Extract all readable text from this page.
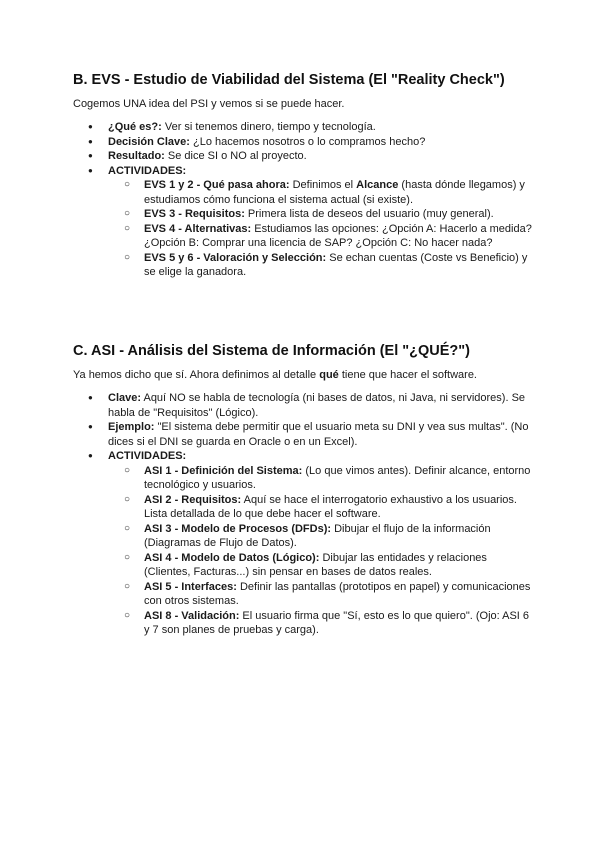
B. EVS - Estudio de Viabilidad del Sistema (El "Reality Check")

Cogemos UNA idea del PSI y vemos si se puede hacer.

● ¿Qué es?: Ver si tenemos dinero, tiempo y tecnología.
● Decisión Clave: ¿Lo hacemos nosotros o lo compramos hecho?
● Resultado: Se dice SI o NO al proyecto.
● ACTIVIDADES:
○ EVS 1 y 2 - Qué pasa ahora: Definimos el Alcance (hasta dónde llegamos) y estudiamos cómo funciona el sistema actual (si existe).
○ EVS 3 - Requisitos: Primera lista de deseos del usuario (muy general).
○ EVS 4 - Alternativas: Estudiamos las opciones: ¿Opción A: Hacerlo a medida? ¿Opción B: Comprar una licencia de SAP? ¿Opción C: No hacer nada?
○ EVS 5 y 6 - Valoración y Selección: Se echan cuentas (Coste vs Beneficio) y se elige la ganadora.
C. ASI - Análisis del Sistema de Información (El "¿QUÉ?")

Ya hemos dicho que sí. Ahora definimos al detalle qué tiene que hacer el software.

● Clave: Aquí NO se habla de tecnología (ni bases de datos, ni Java, ni servidores). Se habla de "Requisitos" (Lógico).
● Ejemplo: "El sistema debe permitir que el usuario meta su DNI y vea sus multas". (No dices si el DNI se guarda en Oracle o en un Excel).
● ACTIVIDADES:
○ ASI 1 - Definición del Sistema: (Lo que vimos antes). Definir alcance, entorno tecnológico y usuarios.
○ ASI 2 - Requisitos: Aquí se hace el interrogatorio exhaustivo a los usuarios. Lista detallada de lo que debe hacer el software.
○ ASI 3 - Modelo de Procesos (DFDs): Dibujar el flujo de la información (Diagramas de Flujo de Datos).
○ ASI 4 - Modelo de Datos (Lógico): Dibujar las entidades y relaciones (Clientes, Facturas...) sin pensar en bases de datos reales.
○ ASI 5 - Interfaces: Definir las pantallas (prototipos en papel) y comunicaciones con otros sistemas.
○ ASI 8 - Validación: El usuario firma que "Sí, esto es lo que quiero". (Ojo: ASI 6 y 7 son planes de pruebas y carga).
